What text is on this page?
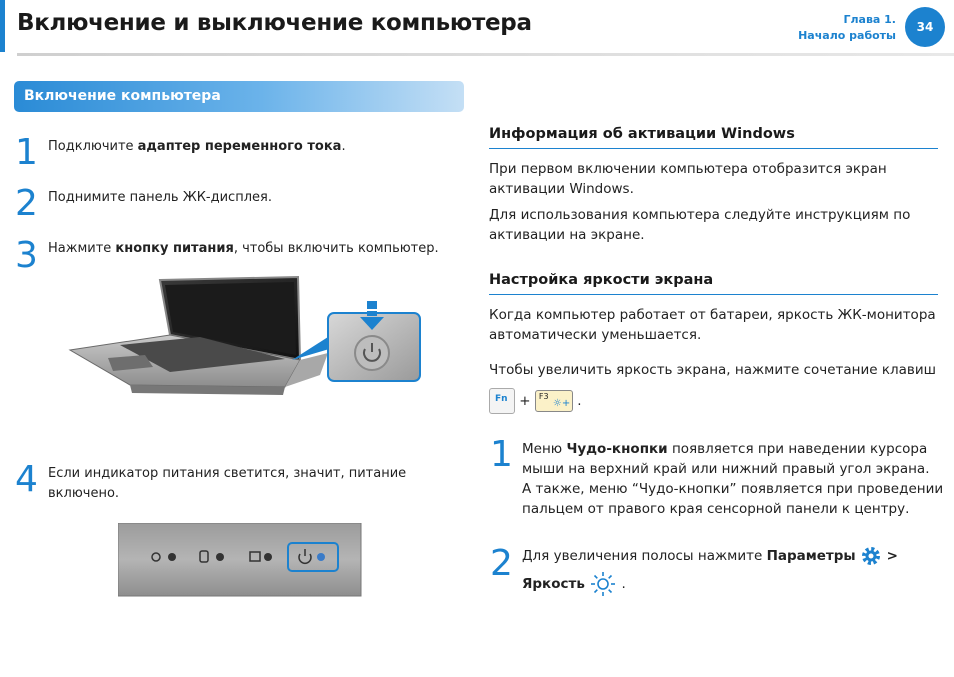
Включение и выключение компьютера	Глава 1.
Начало работы
34
Включение компьютера
1 Подключите адаптер переменного тока.
2 Поднимите панель ЖК-дисплея.
3 Нажмите кнопку питания, чтобы включить компьютер.
4 Если индикатор питания светится, значит, питание
включено.
Информация об активации Windows
При первом включении компьютера отобразится экран
активации Windows.
Для использования компьютера следуйте инструкциям по
активации на экране.
Настройка яркости экрана
Когда компьютер работает от батареи, яркость ЖК-монитора
автоматически уменьшается.
Чтобы увеличить яркость экрана, нажмите сочетание клавиш
Fn + F3
☼+ .
1 Меню Чудо-кнопки появляется при наведении курсора
мыши на верхний край или нижний правый угол экрана.
А также, меню “Чудо-кнопки” появляется при проведении
пальцем от правого края сенсорной панели к центру.
2 Для увеличения полосы нажмите Параметры  >
Яркость  .
